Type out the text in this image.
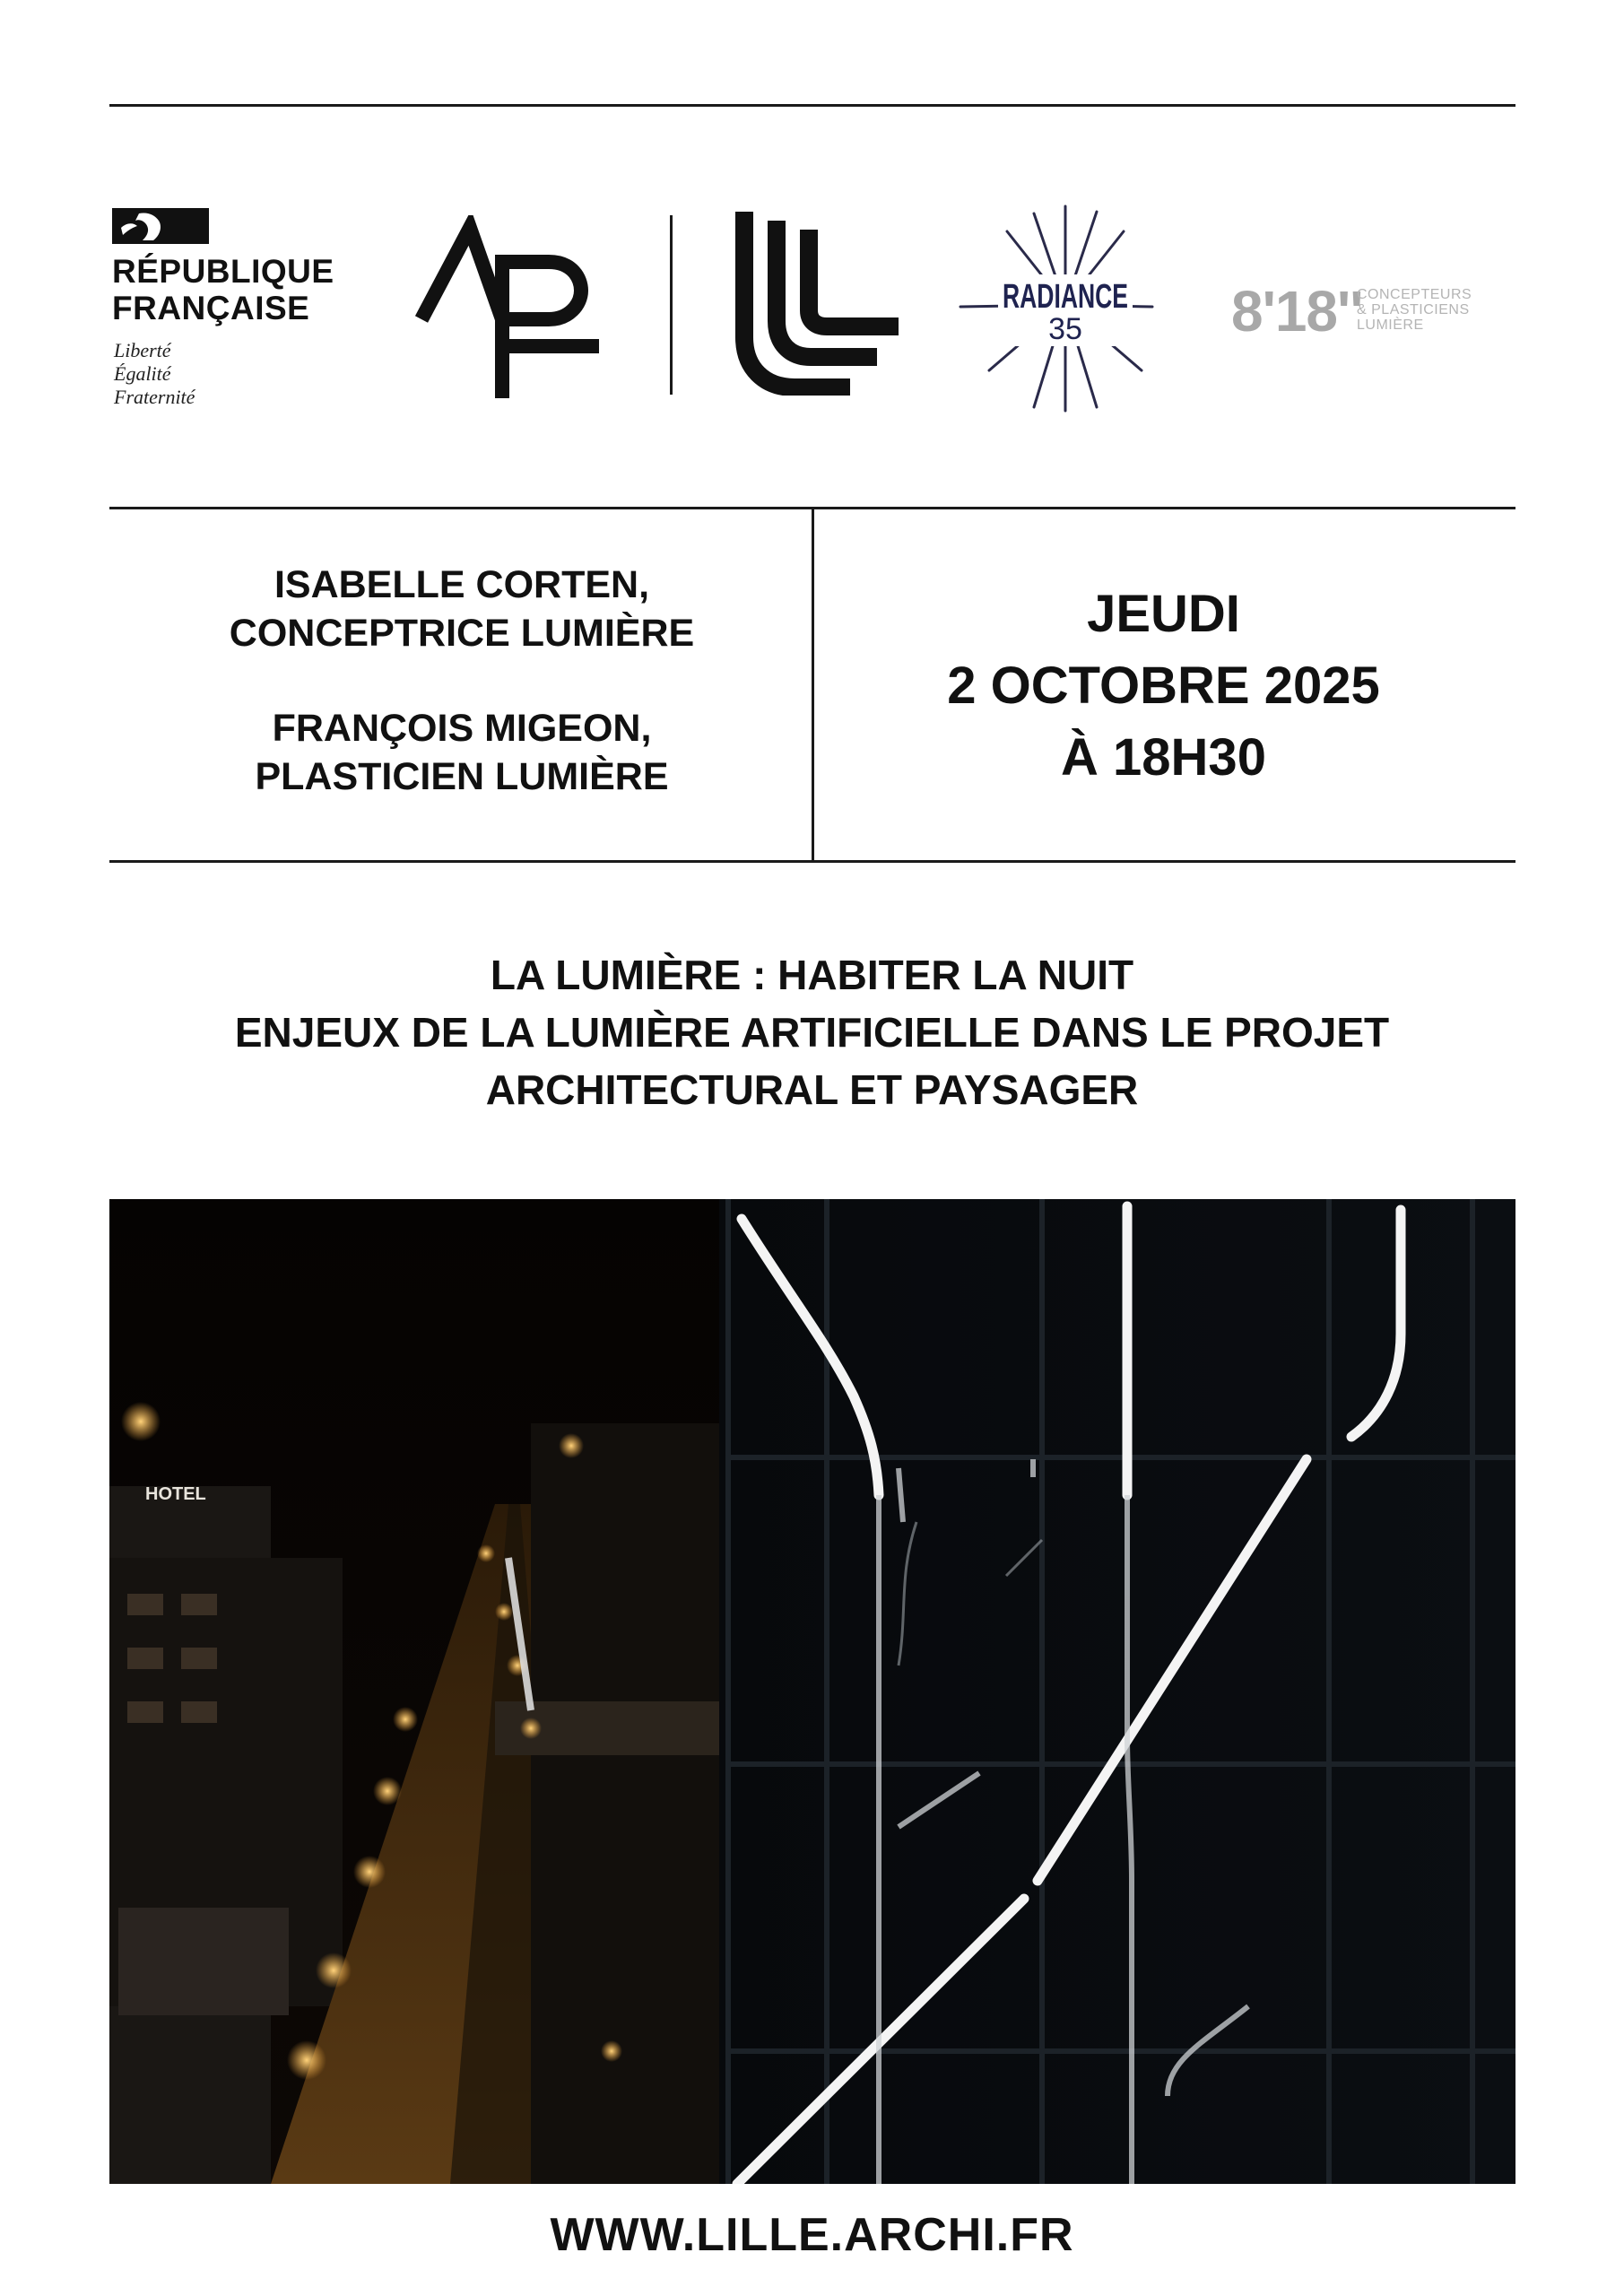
RÉPUBLIQUE
FRANÇAISE
Liberté
Égalité
Fraternité
RADIANCE
35	8'18''
CONCEPTEURS
& PLASTICIENS LUMIÈRE
ISABELLE CORTEN,
CONCEPTRICE LUMIÈRE
FRANÇOIS MIGEON,
PLASTICIEN LUMIÈRE
JEUDI
2 OCTOBRE 2025
À 18H30
LA LUMIÈRE : HABITER LA NUIT
ENJEUX DE LA LUMIÈRE ARTIFICIELLE DANS LE PROJET
ARCHITECTURAL ET PAYSAGER
HOTEL
WWW.LILLE.ARCHI.FR
